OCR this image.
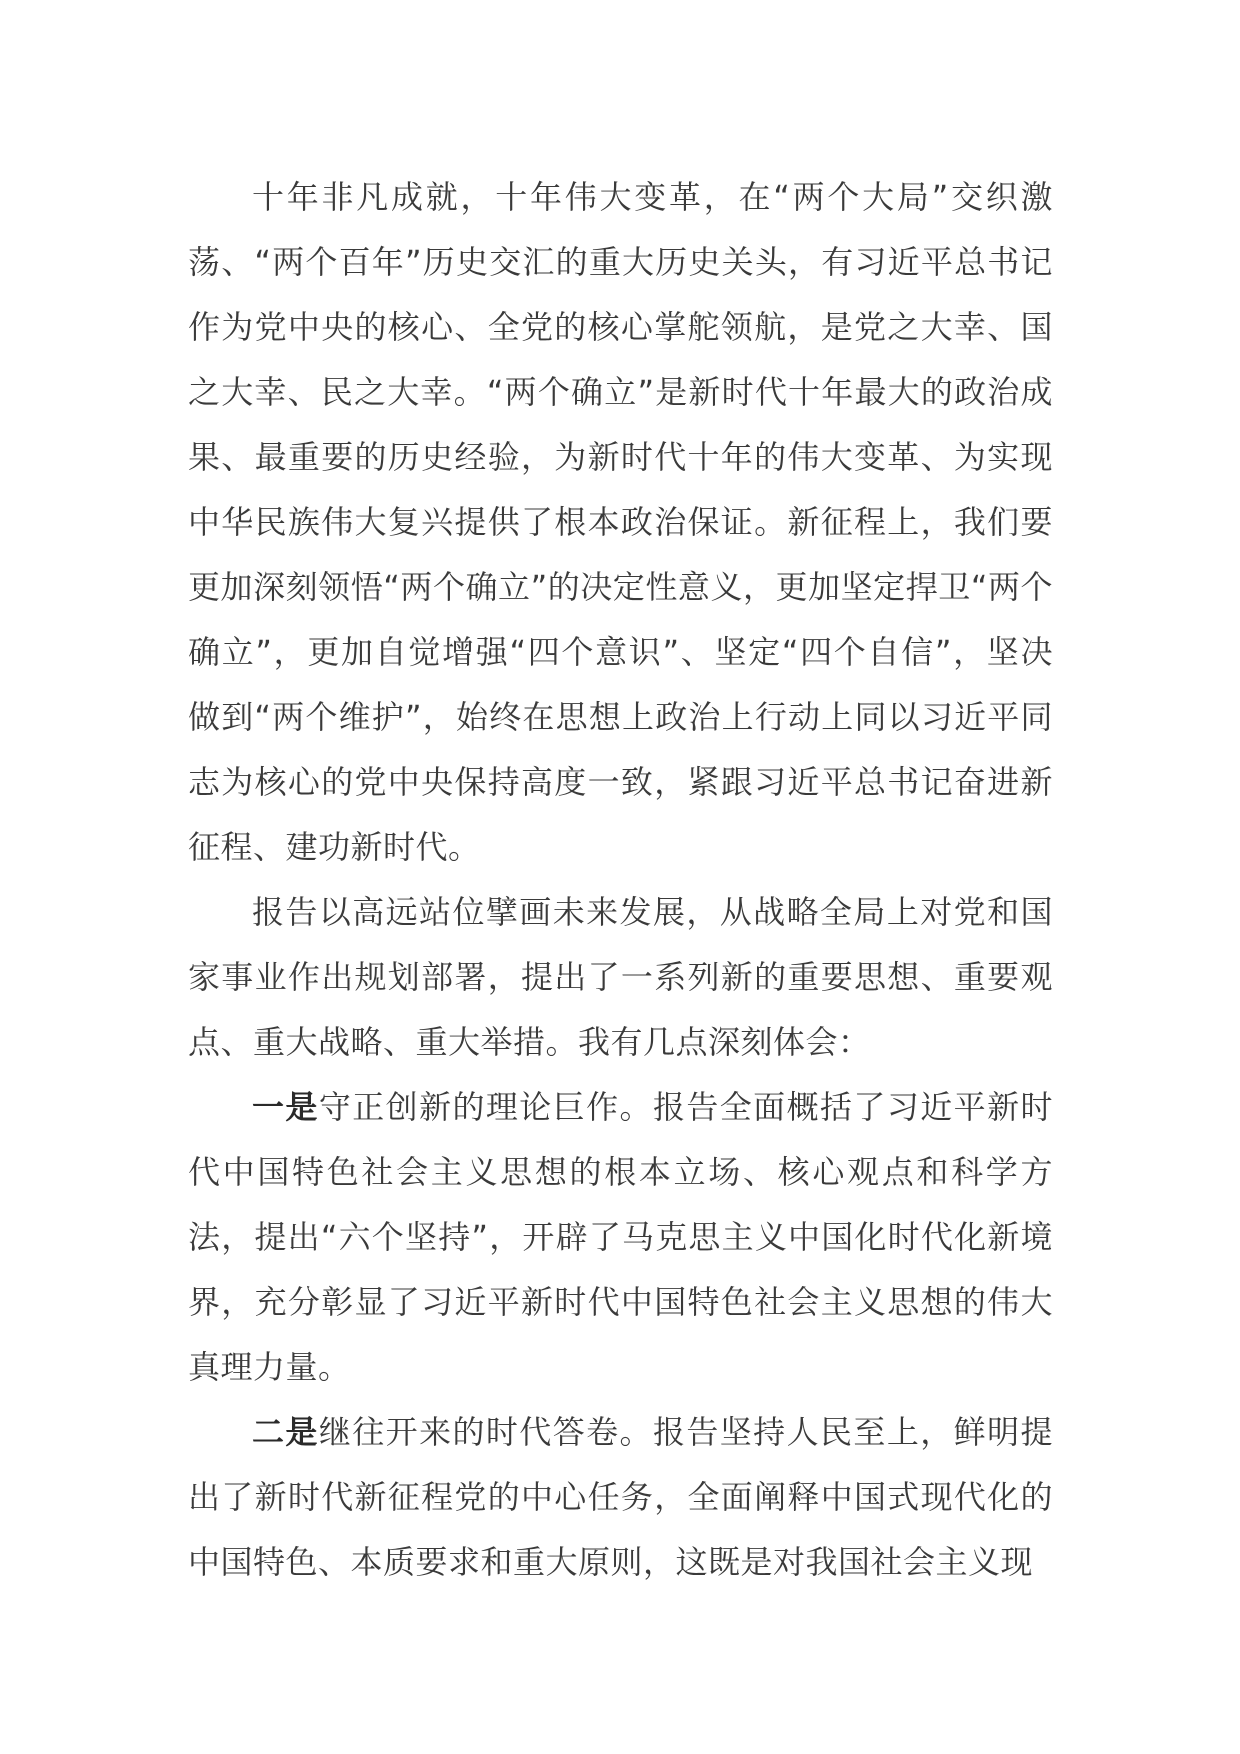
十年非凡成就，十年伟大变革，在“两个大局”交织激荡、“两个百年”历史交汇的重大历史关头，有习近平总书记作为党中央的核心、全党的核心掌舵领航，是党之大幸、国之大幸、民之大幸。“两个确立”是新时代十年最大的政治成果、最重要的历史经验，为新时代十年的伟大变革、为实现中华民族伟大复兴提供了根本政治保证。新征程上，我们要更加深刻领悟“两个确立”的决定性意义，更加坚定捍卫“两个确立”，更加自觉增强“四个意识”、坚定“四个自信”，坚决做到“两个维护”，始终在思想上政治上行动上同以习近平同志为核心的党中央保持高度一致，紧跟习近平总书记奋进新征程、建功新时代。

报告以高远站位擘画未来发展，从战略全局上对党和国家事业作出规划部署，提出了一系列新的重要思想、重要观点、重大战略、重大举措。我有几点深刻体会：

一是守正创新的理论巨作。报告全面概括了习近平新时代中国特色社会主义思想的根本立场、核心观点和科学方法，提出“六个坚持”，开辟了马克思主义中国化时代化新境界，充分彰显了习近平新时代中国特色社会主义思想的伟大真理力量。

二是继往开来的时代答卷。报告坚持人民至上，鲜明提出了新时代新征程党的中心任务，全面阐释中国式现代化的中国特色、本质要求和重大原则，这既是对我国社会主义现
